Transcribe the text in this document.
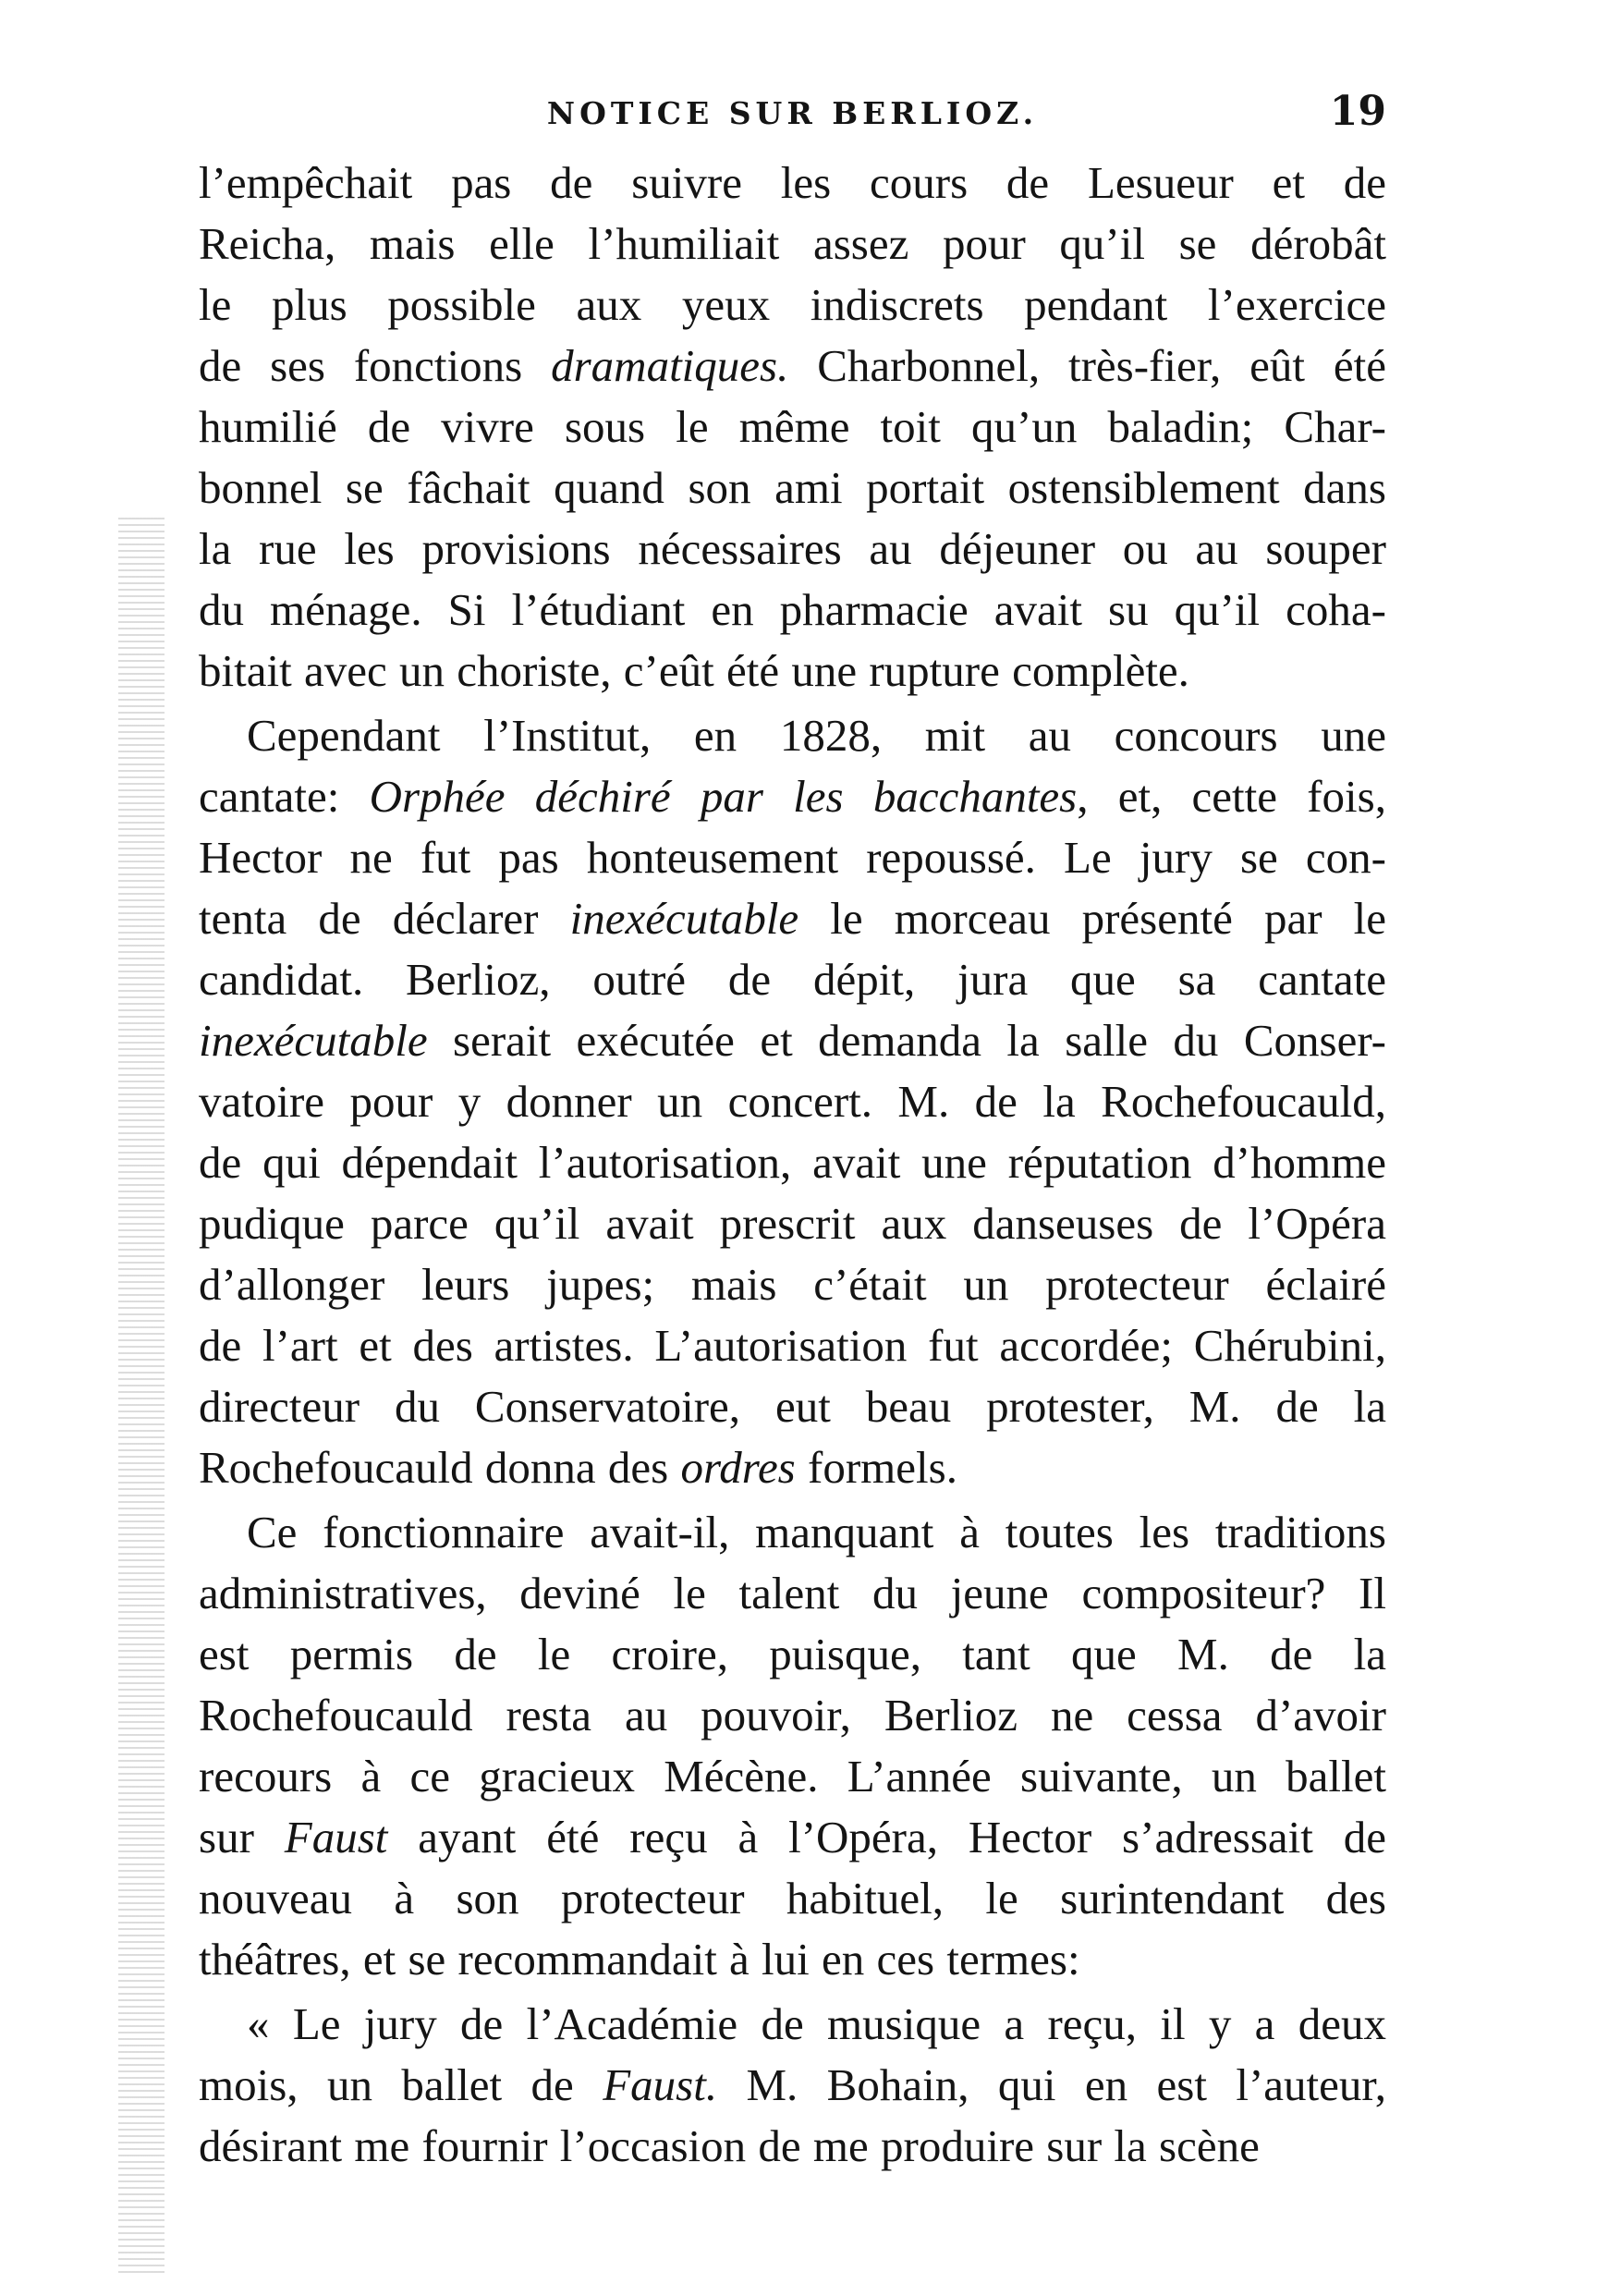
NOTICE SUR BERLIOZ.	19
l’empêchait pas de suivre les cours de Lesueur et de
Reicha, mais elle l’humiliait assez pour qu’il se dérobât
le plus possible aux yeux indiscrets pendant l’exercice
de ses fonctions dramatiques. Charbonnel, très-fier, eût été
humilié de vivre sous le même toit qu’un baladin; Char-
bonnel se fâchait quand son ami portait ostensiblement dans
la rue les provisions nécessaires au déjeuner ou au souper
du ménage. Si l’étudiant en pharmacie avait su qu’il coha-
bitait avec un choriste, c’eût été une rupture complète.
Cependant l’Institut, en 1828, mit au concours une
cantate: Orphée déchiré par les bacchantes, et, cette fois,
Hector ne fut pas honteusement repoussé. Le jury se con-
tenta de déclarer inexécutable le morceau présenté par le
candidat. Berlioz, outré de dépit, jura que sa cantate
inexécutable serait exécutée et demanda la salle du Conser-
vatoire pour y donner un concert. M. de la Rochefoucauld,
de qui dépendait l’autorisation, avait une réputation d’homme
pudique parce qu’il avait prescrit aux danseuses de l’Opéra
d’allonger leurs jupes; mais c’était un protecteur éclairé
de l’art et des artistes. L’autorisation fut accordée; Chérubini,
directeur du Conservatoire, eut beau protester, M. de la
Rochefoucauld donna des ordres formels.
Ce fonctionnaire avait-il, manquant à toutes les traditions
administratives, deviné le talent du jeune compositeur? Il
est permis de le croire, puisque, tant que M. de la
Rochefoucauld resta au pouvoir, Berlioz ne cessa d’avoir
recours à ce gracieux Mécène. L’année suivante, un ballet
sur Faust ayant été reçu à l’Opéra, Hector s’adressait de
nouveau à son protecteur habituel, le surintendant des
théâtres, et se recommandait à lui en ces termes:
« Le jury de l’Académie de musique a reçu, il y a deux
mois, un ballet de Faust. M. Bohain, qui en est l’auteur,
désirant me fournir l’occasion de me produire sur la scène
